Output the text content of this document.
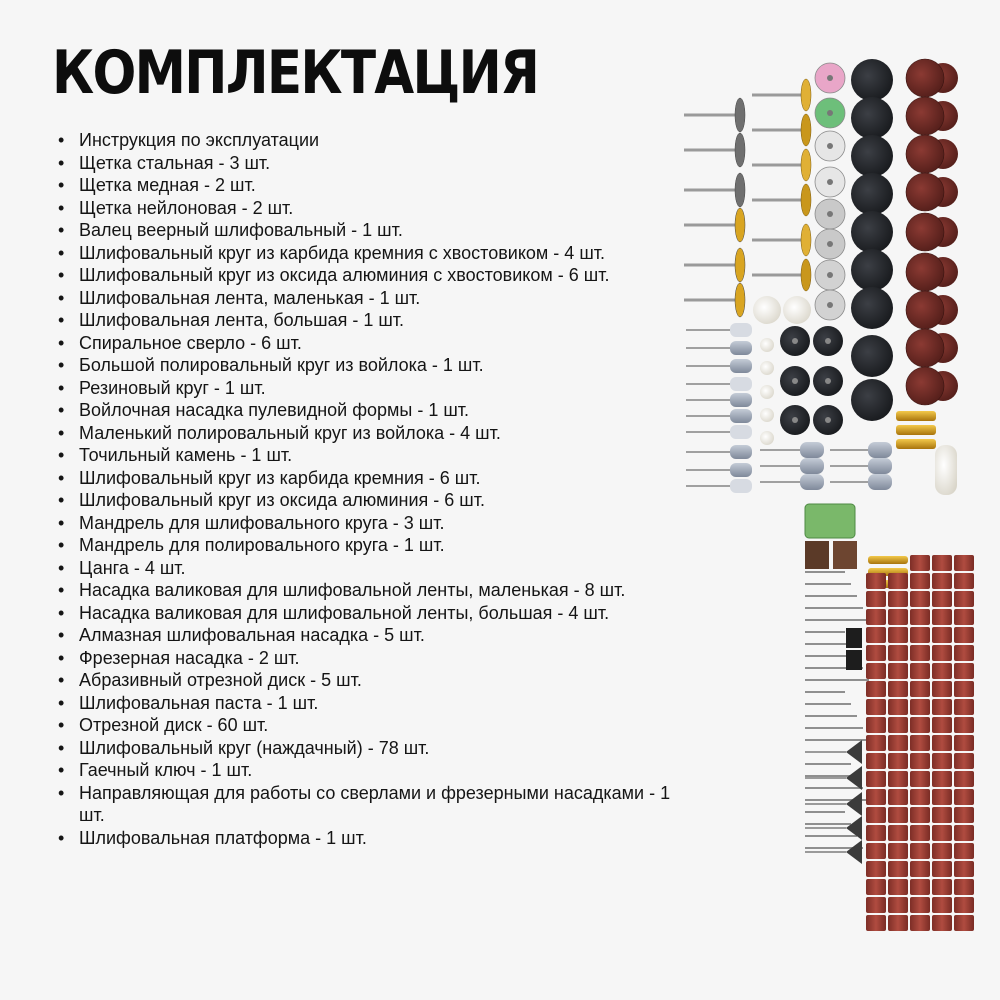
КОМПЛЕКТАЦИЯ
• Инструкция по эксплуатации
• Щетка стальная - 3 шт.
• Щетка медная - 2 шт.
• Щетка нейлоновая - 2 шт.
• Валец веерный шлифовальный - 1 шт.
• Шлифовальный круг из карбида кремния с хвостовиком - 4 шт.
• Шлифовальный круг из оксида алюминия с хвостовиком - 6 шт.
• Шлифовальная лента, маленькая - 1 шт.
• Шлифовальная лента, большая - 1 шт.
• Спиральное сверло - 6 шт.
• Большой полировальный круг из войлока - 1 шт.
• Резиновый круг - 1 шт.
• Войлочная насадка пулевидной формы - 1 шт.
• Маленький полировальный круг из войлока - 4 шт.
• Точильный камень - 1 шт.
• Шлифовальный круг из карбида кремния - 6 шт.
• Шлифовальный круг из оксида алюминия - 6 шт.
• Мандрель для шлифовального круга - 3 шт.
• Мандрель для полировального круга - 1 шт.
• Цанга - 4 шт.
• Насадка валиковая для шлифовальной ленты, маленькая - 8 шт.
• Насадка валиковая для шлифовальной ленты, большая - 4 шт.
• Алмазная шлифовальная насадка - 5 шт.
• Фрезерная насадка - 2 шт.
• Абразивный отрезной диск - 5 шт.
• Шлифовальная паста - 1 шт.
• Отрезной диск - 60 шт.
• Шлифовальный круг (наждачный) - 78 шт.
• Гаечный ключ - 1 шт.
• Направляющая для работы со сверлами и фрезерными насадками - 1 шт.
• Шлифовальная платформа - 1 шт.
